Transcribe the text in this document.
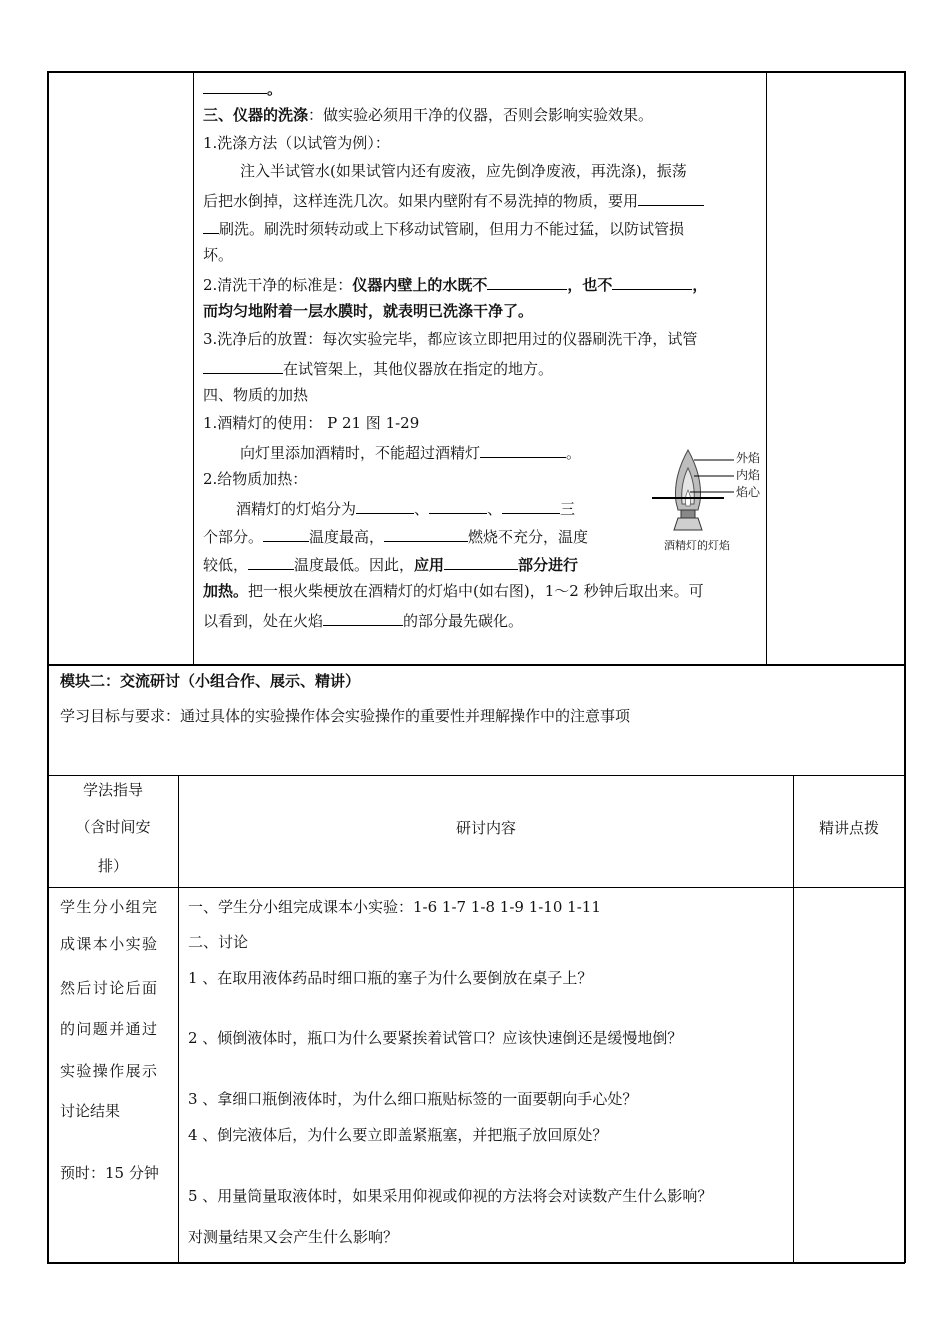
。
三、仪器的洗涤：做实验必须用干净的仪器，否则会影响实验效果。
1.洗涤方法（以试管为例）：
注入半试管水(如果试管内还有废液，应先倒净废液，再洗涤)，振荡
后把水倒掉，这样连洗几次。如果内壁附有不易洗掉的物质，要用
刷洗。刷洗时须转动或上下移动试管刷，但用力不能过猛，以防试管损
坏。
2.清洗干净的标准是：仪器内壁上的水既不	，也不	，
而均匀地附着一层水膜时，就表明已洗涤干净了。
3.洗净后的放置：每次实验完毕，都应该立即把用过的仪器刷洗干净，试管
在试管架上，其他仪器放在指定的地方。
四、物质的加热
1.酒精灯的使用： P 21 图 1-29
向灯里添加酒精时，不能超过酒精灯	。
2.给物质加热：
酒精灯的灯焰分为	、	、	三
个部分。	温度最高，	燃烧不充分，温度
较低，	温度最低。因此，应用	部分进行
加热。把一根火柴梗放在酒精灯的灯焰中(如右图)，1～2 秒钟后取出来。可
以看到，处在火焰	的部分最先碳化。
外焰
内焰
焰心
酒精灯的灯焰
模块二：交流研讨（小组合作、展示、精讲）
学习目标与要求：通过具体的实验操作体会实验操作的重要性并理解操作中的注意事项
学法指导
（含时间安
排）
研讨内容	精讲点拨
学生分小组完
成课本小实验
然后讨论后面
的问题并通过
实验操作展示
讨论结果
预时：15 分钟
一、学生分小组完成课本小实验：1-6 1-7 1-8 1-9 1-10 1-11
二、讨论
1 、在取用液体药品时细口瓶的塞子为什么要倒放在桌子上？
2 、倾倒液体时，瓶口为什么要紧挨着试管口？应该快速倒还是缓慢地倒？
3 、拿细口瓶倒液体时，为什么细口瓶贴标签的一面要朝向手心处？
4 、倒完液体后，为什么要立即盖紧瓶塞，并把瓶子放回原处？
5 、用量筒量取液体时，如果采用仰视或仰视的方法将会对读数产生什么影响？
对测量结果又会产生什么影响？
